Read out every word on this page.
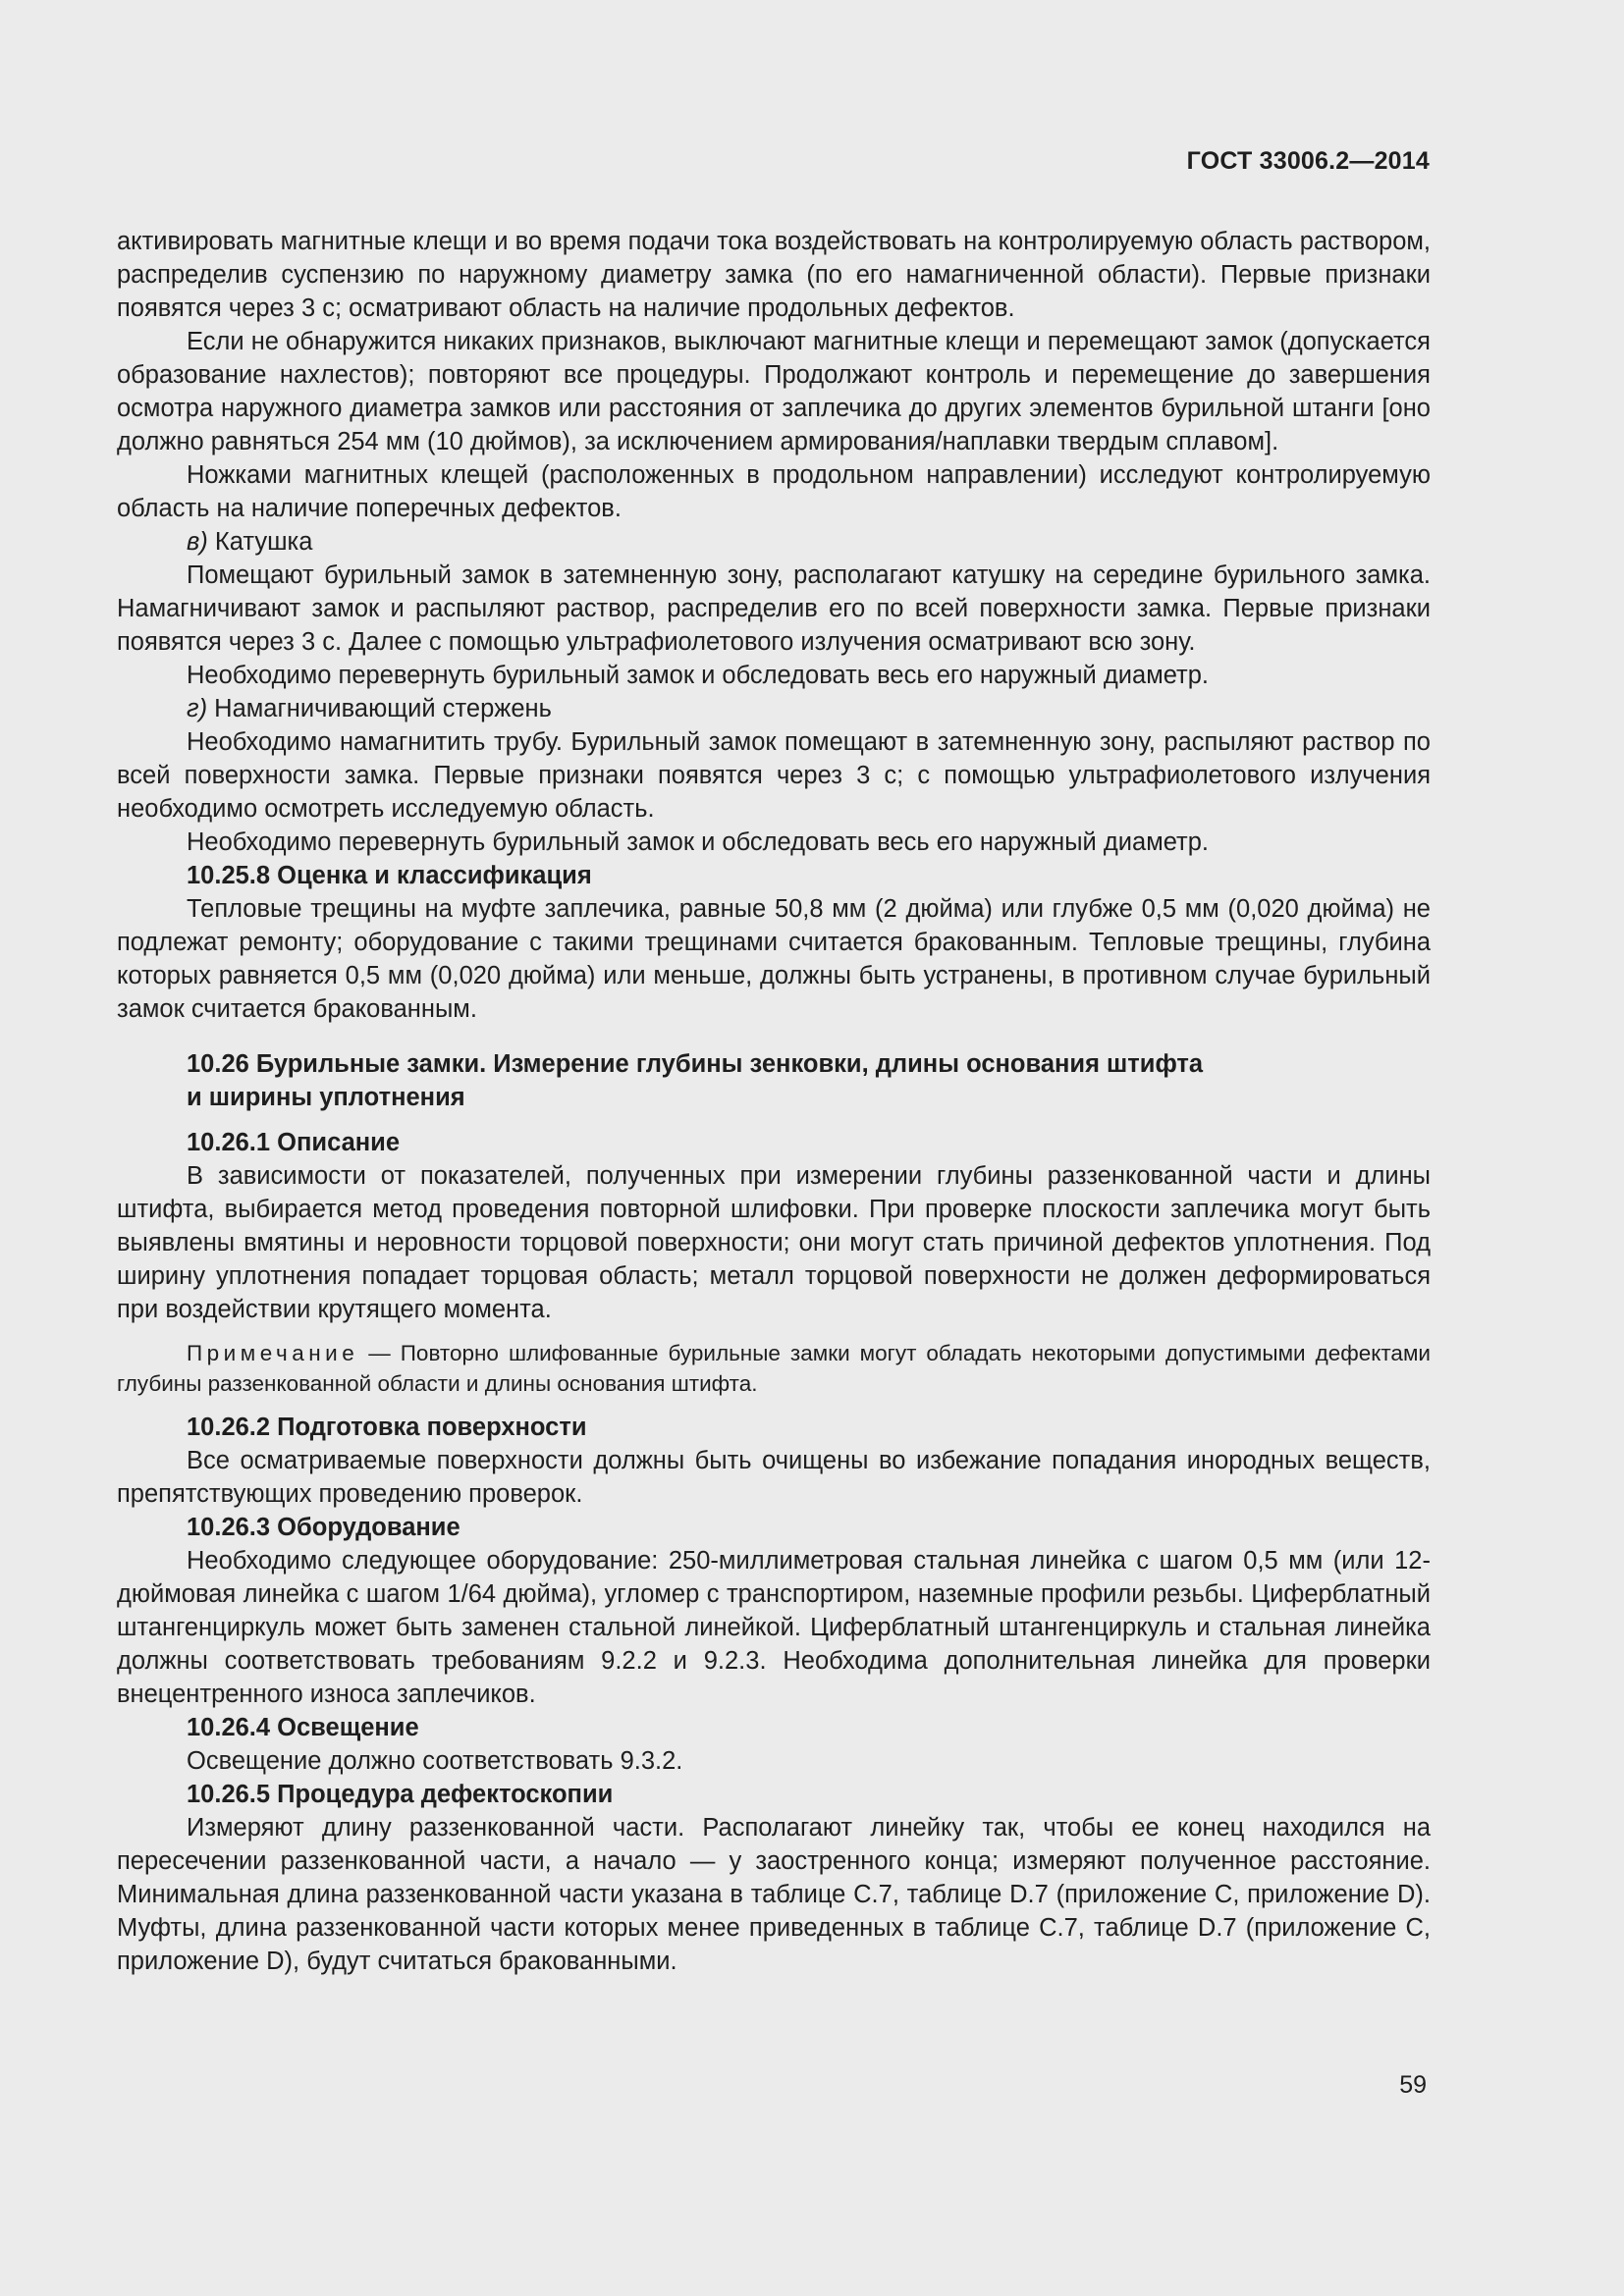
ГОСТ 33006.2—2014

активировать магнитные клещи и во время подачи тока воздействовать на контролируемую область раствором, распределив суспензию по наружному диаметру замка (по его намагниченной области). Первые признаки появятся через 3 с; осматривают область на наличие продольных дефектов.

Если не обнаружится никаких признаков, выключают магнитные клещи и перемещают замок (допускается образование нахлестов); повторяют все процедуры. Продолжают контроль и перемещение до завершения осмотра наружного диаметра замков или расстояния от заплечика до других элементов бурильной штанги [оно должно равняться 254 мм (10 дюймов), за исключением армирования/наплавки твердым сплавом].

Ножками магнитных клещей (расположенных в продольном направлении) исследуют контролируемую область на наличие поперечных дефектов.

в) Катушка

Помещают бурильный замок в затемненную зону, располагают катушку на середине бурильного замка. Намагничивают замок и распыляют раствор, распределив его по всей поверхности замка. Первые признаки появятся через 3 с. Далее с помощью ультрафиолетового излучения осматривают всю зону.

Необходимо перевернуть бурильный замок и обследовать весь его наружный диаметр.

г) Намагничивающий стержень

Необходимо намагнитить трубу. Бурильный замок помещают в затемненную зону, распыляют раствор по всей поверхности замка. Первые признаки появятся через 3 с; с помощью ультрафиолетового излучения необходимо осмотреть исследуемую область.

Необходимо перевернуть бурильный замок и обследовать весь его наружный диаметр.

10.25.8 Оценка и классификация

Тепловые трещины на муфте заплечика, равные 50,8 мм (2 дюйма) или глубже 0,5 мм (0,020 дюйма) не подлежат ремонту; оборудование с такими трещинами считается бракованным. Тепловые трещины, глубина которых равняется 0,5 мм (0,020 дюйма) или меньше, должны быть устранены, в противном случае бурильный замок считается бракованным.

10.26 Бурильные замки. Измерение глубины зенковки, длины основания штифта
и ширины уплотнения

10.26.1 Описание

В зависимости от показателей, полученных при измерении глубины раззенкованной части и длины штифта, выбирается метод проведения повторной шлифовки. При проверке плоскости заплечика могут быть выявлены вмятины и неровности торцовой поверхности; они могут стать причиной дефектов уплотнения. Под ширину уплотнения попадает торцовая область; металл торцовой поверхности не должен деформироваться при воздействии крутящего момента.

Примечание — Повторно шлифованные бурильные замки могут обладать некоторыми допустимыми дефектами глубины раззенкованной области и длины основания штифта.

10.26.2 Подготовка поверхности

Все осматриваемые поверхности должны быть очищены во избежание попадания инородных веществ, препятствующих проведению проверок.

10.26.3 Оборудование

Необходимо следующее оборудование: 250-миллиметровая стальная линейка с шагом 0,5 мм (или 12-дюймовая линейка с шагом 1/64 дюйма), угломер с транспортиром, наземные профили резьбы. Циферблатный штангенциркуль может быть заменен стальной линейкой. Циферблатный штангенциркуль и стальная линейка должны соответствовать требованиям 9.2.2 и 9.2.3. Необходима дополнительная линейка для проверки внецентренного износа заплечиков.

10.26.4 Освещение

Освещение должно соответствовать 9.3.2.

10.26.5 Процедура дефектоскопии

Измеряют длину раззенкованной части. Располагают линейку так, чтобы ее конец находился на пересечении раззенкованной части, а начало — у заостренного конца; измеряют полученное расстояние. Минимальная длина раззенкованной части указана в таблице С.7, таблице D.7 (приложение С, приложение D). Муфты, длина раззенкованной части которых менее приведенных в таблице С.7, таблице D.7 (приложение С, приложение D), будут считаться бракованными.

59
